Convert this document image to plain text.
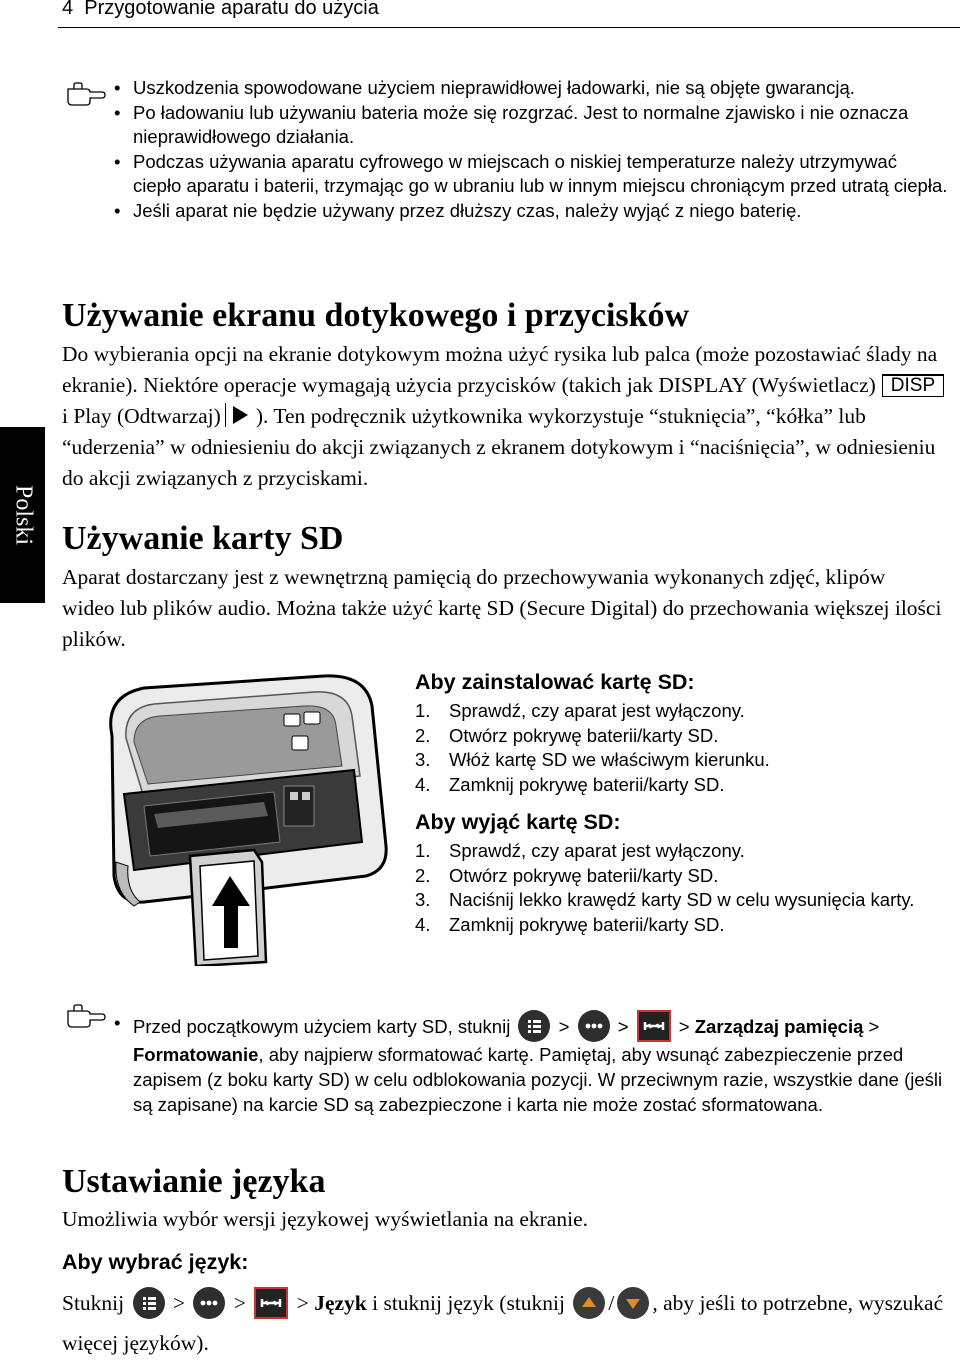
4 Przygotowanie aparatu do użycia
Polski
• Uszkodzenia spowodowane użyciem nieprawidłowej ładowarki, nie są objęte gwarancją.
• Po ładowaniu lub używaniu bateria może się rozgrzać. Jest to normalne zjawisko i nie oznacza nieprawidłowego działania.
• Podczas używania aparatu cyfrowego w miejscach o niskiej temperaturze należy utrzymywać ciepło aparatu i baterii, trzymając go w ubraniu lub w innym miejscu chroniącym przed utratą ciepła.
• Jeśli aparat nie będzie używany przez dłuższy czas, należy wyjąć z niego baterię.
Używanie ekranu dotykowego i przycisków

Do wybierania opcji na ekranie dotykowym można użyć rysika lub palca (może pozostawiać ślady na ekranie). Niektóre operacje wymagają użycia przycisków (takich jak DISPLAY (Wyświetlacz) DISPi Play (Odtwarzaj) ). Ten podręcznik użytkownika wykorzystuje “stuknięcia”, “kółka” lub “uderzenia” w odniesieniu do akcji związanych z ekranem dotykowym i “naciśnięcia”, w odniesieniu do akcji związanych z przyciskami.

Używanie karty SD

Aparat dostarczany jest z wewnętrzną pamięcią do przechowywania wykonanych zdjęć, klipów wideo lub plików audio. Można także użyć kartę SD (Secure Digital) do przechowania większej ilości plików.

Aby zainstalować kartę SD:
1. Sprawdź, czy aparat jest wyłączony.
2. Otwórz pokrywę baterii/karty SD.
3. Włóż kartę SD we właściwym kierunku.
4. Zamknij pokrywę baterii/karty SD.
Aby wyjąć kartę SD:
1. Sprawdź, czy aparat jest wyłączony.
2. Otwórz pokrywę baterii/karty SD.
3. Naciśnij lekko krawędź karty SD w celu wysunięcia karty.
4. Zamknij pokrywę baterii/karty SD.
• Przed początkowym użyciem karty SD, stuknij	>	>	> Zarządzaj pamięcią > Formatowanie, aby najpierw sformatować kartę. Pamiętaj, aby wsunąć zabezpieczenie przed zapisem (z boku karty SD) w celu odblokowania pozycji. W przeciwnym razie, wszystkie dane (jeśli są zapisane) na karcie SD są zabezpieczone i karta nie może zostać sformatowana.
Ustawianie języka

Umożliwia wybór wersji językowej wyświetlania na ekranie.

Aby wybrać język:

Stuknij > > > Język i stuknij język (stuknij / , aby jeśli to potrzebne, wyszukać więcej języków).
